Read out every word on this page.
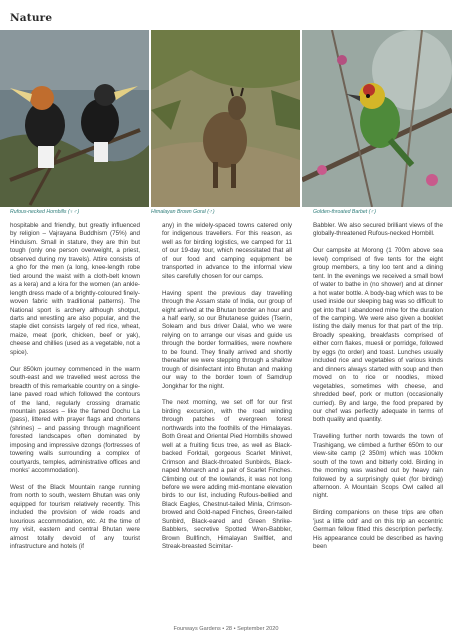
Nature
Rufous-necked Hornbills (♀♂)	Himalayan Brown Goral (♂)	Golden-throated Barbet (♂)

hospitable and friendly, but greatly influenced by religion – Vajrayana Buddhism (75%) and Hinduism. Small in stature, they are thin but tough (only one person overweight, a priest, observed during my travels). Attire consists of a gho for the men (a long, knee-length robe tied around the waist with a cloth-belt known as a kera) and a kira for the women (an ankle-length dress made of a brightly-coloured finely-woven fabric with traditional patterns). The National sport is archery although shotput, darts and wrestling are also popular, and the staple diet consists largely of red rice, wheat, maize, meat (pork, chicken, beef or yak), cheese and chillies (used as a vegetable, not a spice).

Our 850km journey commenced in the warm south-east and we travelled west across the breadth of this remarkable country on a single-lane paved road which followed the contours of the land, regularly crossing dramatic mountain passes – like the famed Dochu La (pass), littered with prayer flags and chortens (shrines) – and passing through magnificent forested landscapes often dominated by imposing and impressive dzongs (fortresses of towering walls surrounding a complex of courtyards, temples, administrative offices and monks' accommodation).

West of the Black Mountain range running from north to south, western Bhutan was only equipped for tourism relatively recently. This included the provision of wide roads and luxurious accommodation, etc. At the time of my visit, eastern and central Bhutan were almost totally devoid of any tourist infrastructure and hotels (if

any) in the widely-spaced towns catered only for indigenous travellers. For this reason, as well as for birding logistics, we camped for 11 of our 19-day tour, which necessitated that all of our food and camping equipment be transported in advance to the informal view sites carefully chosen for our camps.

Having spent the previous day travelling through the Assam state of India, our group of eight arrived at the Bhutan border an hour and a half early, so our Bhutanese guides (Tserin, Soleam and bus driver Dalal, who we were relying on to arrange our visas and guide us through the border formalities, were nowhere to be found. They finally arrived and shortly thereafter we were stepping through a shallow trough of disinfectant into Bhutan and making our way to the border town of Samdrup Jongkhar for the night.

The next morning, we set off for our first birding excursion, with the road winding through patches of evergreen forest northwards into the foothills of the Himalayas. Both Great and Oriental Pied Hornbills showed well at a fruiting ficus tree, as well as Black-backed Forktail, gorgeous Scarlet Minivet, Crimson and Black-throated Sunbirds, Black-naped Monarch and a pair of Scarlet Finches. Climbing out of the lowlands, it was not long before we were adding mid-montane elevation birds to our list, including Rufous-bellied and Black Eagles, Chestnut-tailed Minla, Crimson-browed and Gold-naped Finches, Green-tailed Sunbird, Black-eared and Green Shrike-Babblers, secretive Spotted Wren-Babbler, Brown Bullfinch, Himalayan Swiftlet, and Streak-breasted Scimitar-

Babbler. We also secured brilliant views of the globally-threatened Rufous-necked Hornbill.

Our campsite at Morong (1 700m above sea level) comprised of five tents for the eight group members, a tiny loo tent and a dining tent. In the evenings we received a small bowl of water to bathe in (no shower) and at dinner a hot water bottle. A body-bag which was to be used inside our sleeping bag was so difficult to get into that I abandoned mine for the duration of the camping. We were also given a booklet listing the daily menus for that part of the trip. Broadly speaking, breakfasts comprised of either corn flakes, muesli or porridge, followed by eggs (to order) and toast. Lunches usually included rice and vegetables of various kinds and dinners always started with soup and then moved on to rice or noodles, mixed vegetables, sometimes with cheese, and shredded beef, pork or mutton (occasionally curried). By and large, the food prepared by our chef was perfectly adequate in terms of both quality and quantity.

Travelling further north towards the town of Trashigang, we climbed a further 650m to our view-site camp (2 350m) which was 100km south of the town and bitterly cold. Birding in the morning was washed out by heavy rain followed by a surprisingly quiet (for birding) afternoon. A Mountain Scops Owl called all night.

Birding companions on these trips are often 'just a little odd' and on this trip an eccentric German fellow fitted this description perfectly. His appearance could be described as having been

Fourways Gardens • 28 • September 2020
